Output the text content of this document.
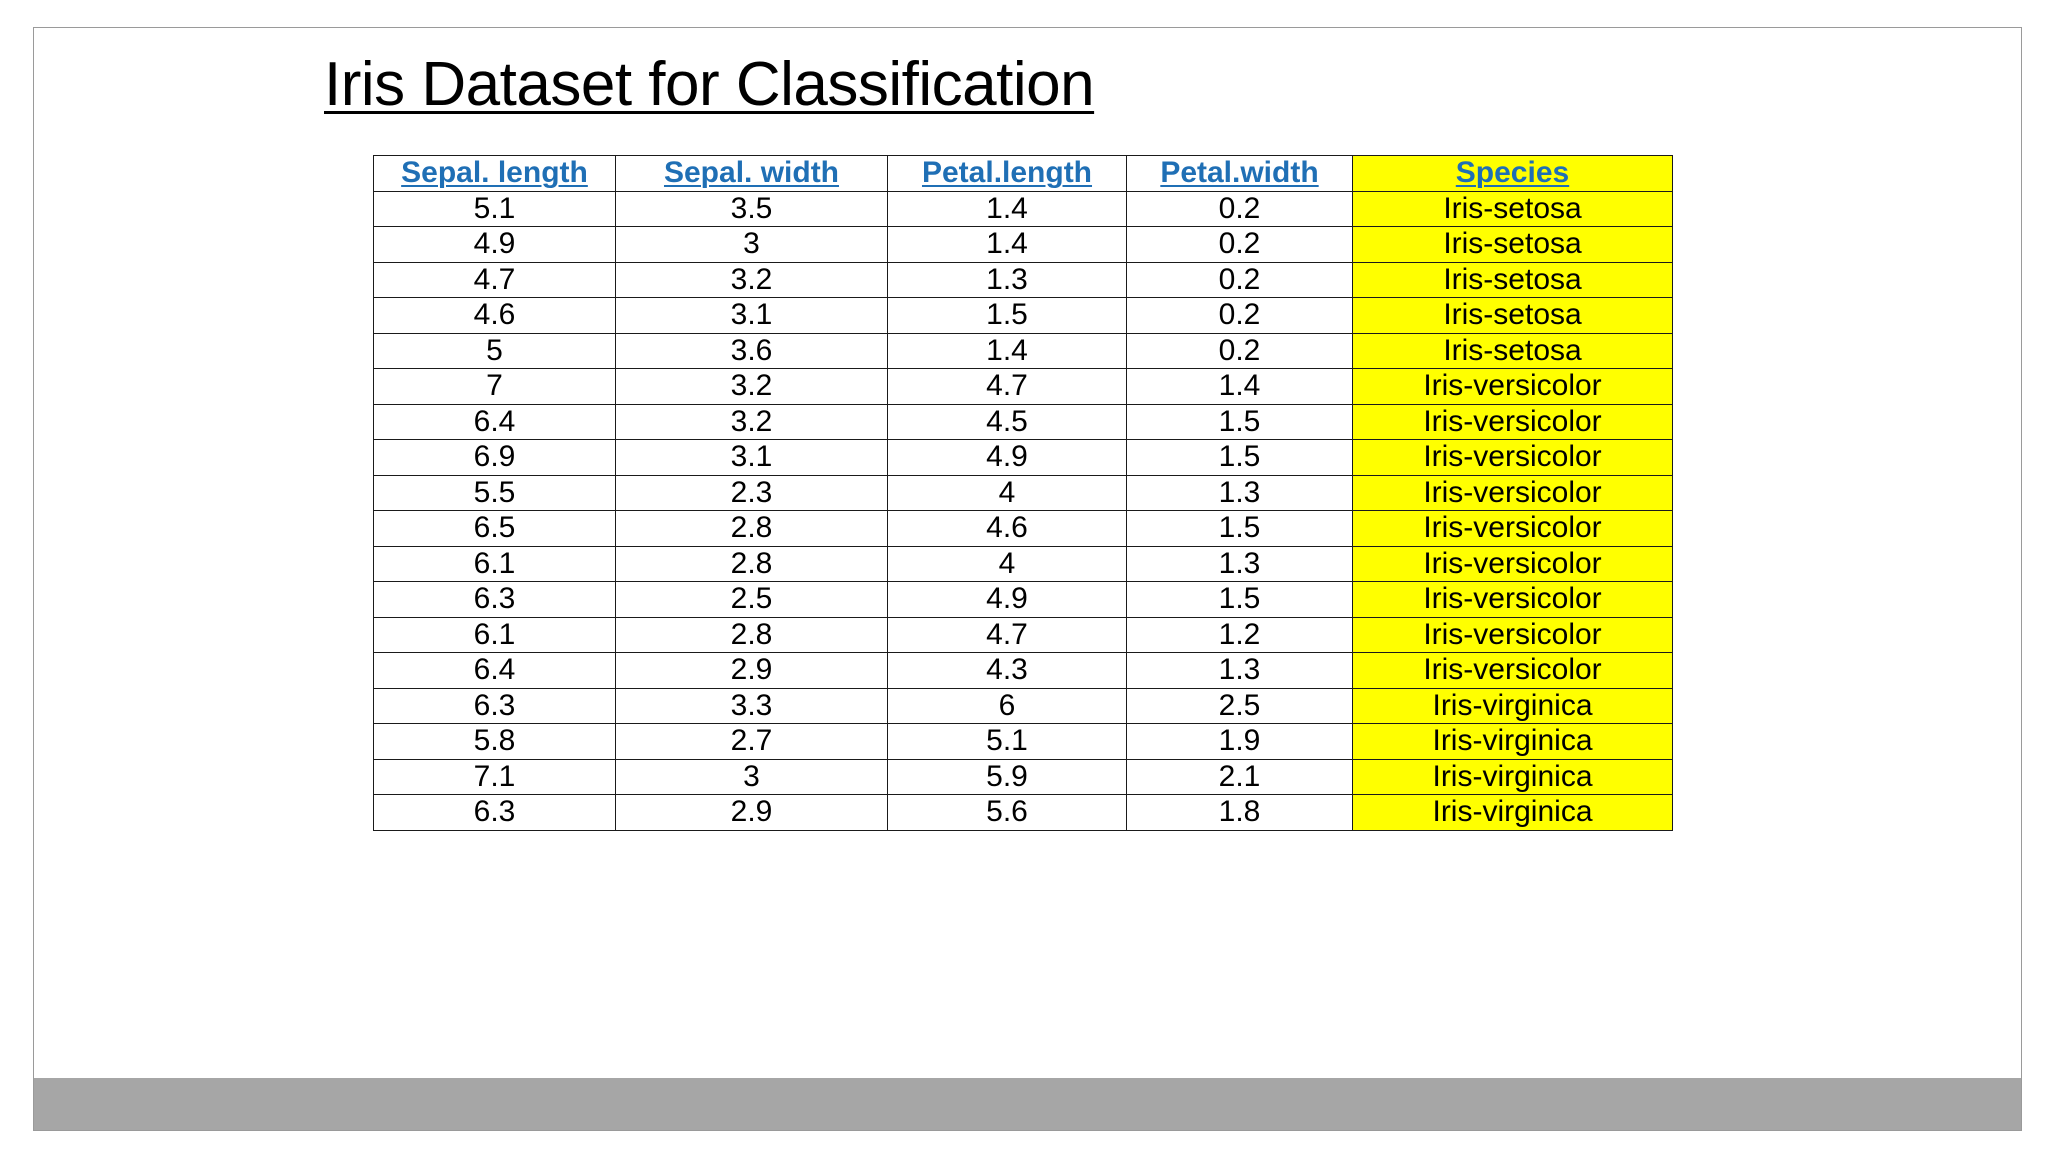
Iris Dataset for Classification
Sepal. length	Sepal. width	Petal.length	Petal.width	Species
5.1	3.5	1.4	0.2	Iris-setosa
4.9	3	1.4	0.2	Iris-setosa
4.7	3.2	1.3	0.2	Iris-setosa
4.6	3.1	1.5	0.2	Iris-setosa
5	3.6	1.4	0.2	Iris-setosa
7	3.2	4.7	1.4	Iris-versicolor
6.4	3.2	4.5	1.5	Iris-versicolor
6.9	3.1	4.9	1.5	Iris-versicolor
5.5	2.3	4	1.3	Iris-versicolor
6.5	2.8	4.6	1.5	Iris-versicolor
6.1	2.8	4	1.3	Iris-versicolor
6.3	2.5	4.9	1.5	Iris-versicolor
6.1	2.8	4.7	1.2	Iris-versicolor
6.4	2.9	4.3	1.3	Iris-versicolor
6.3	3.3	6	2.5	Iris-virginica
5.8	2.7	5.1	1.9	Iris-virginica
7.1	3	5.9	2.1	Iris-virginica
6.3	2.9	5.6	1.8	Iris-virginica
